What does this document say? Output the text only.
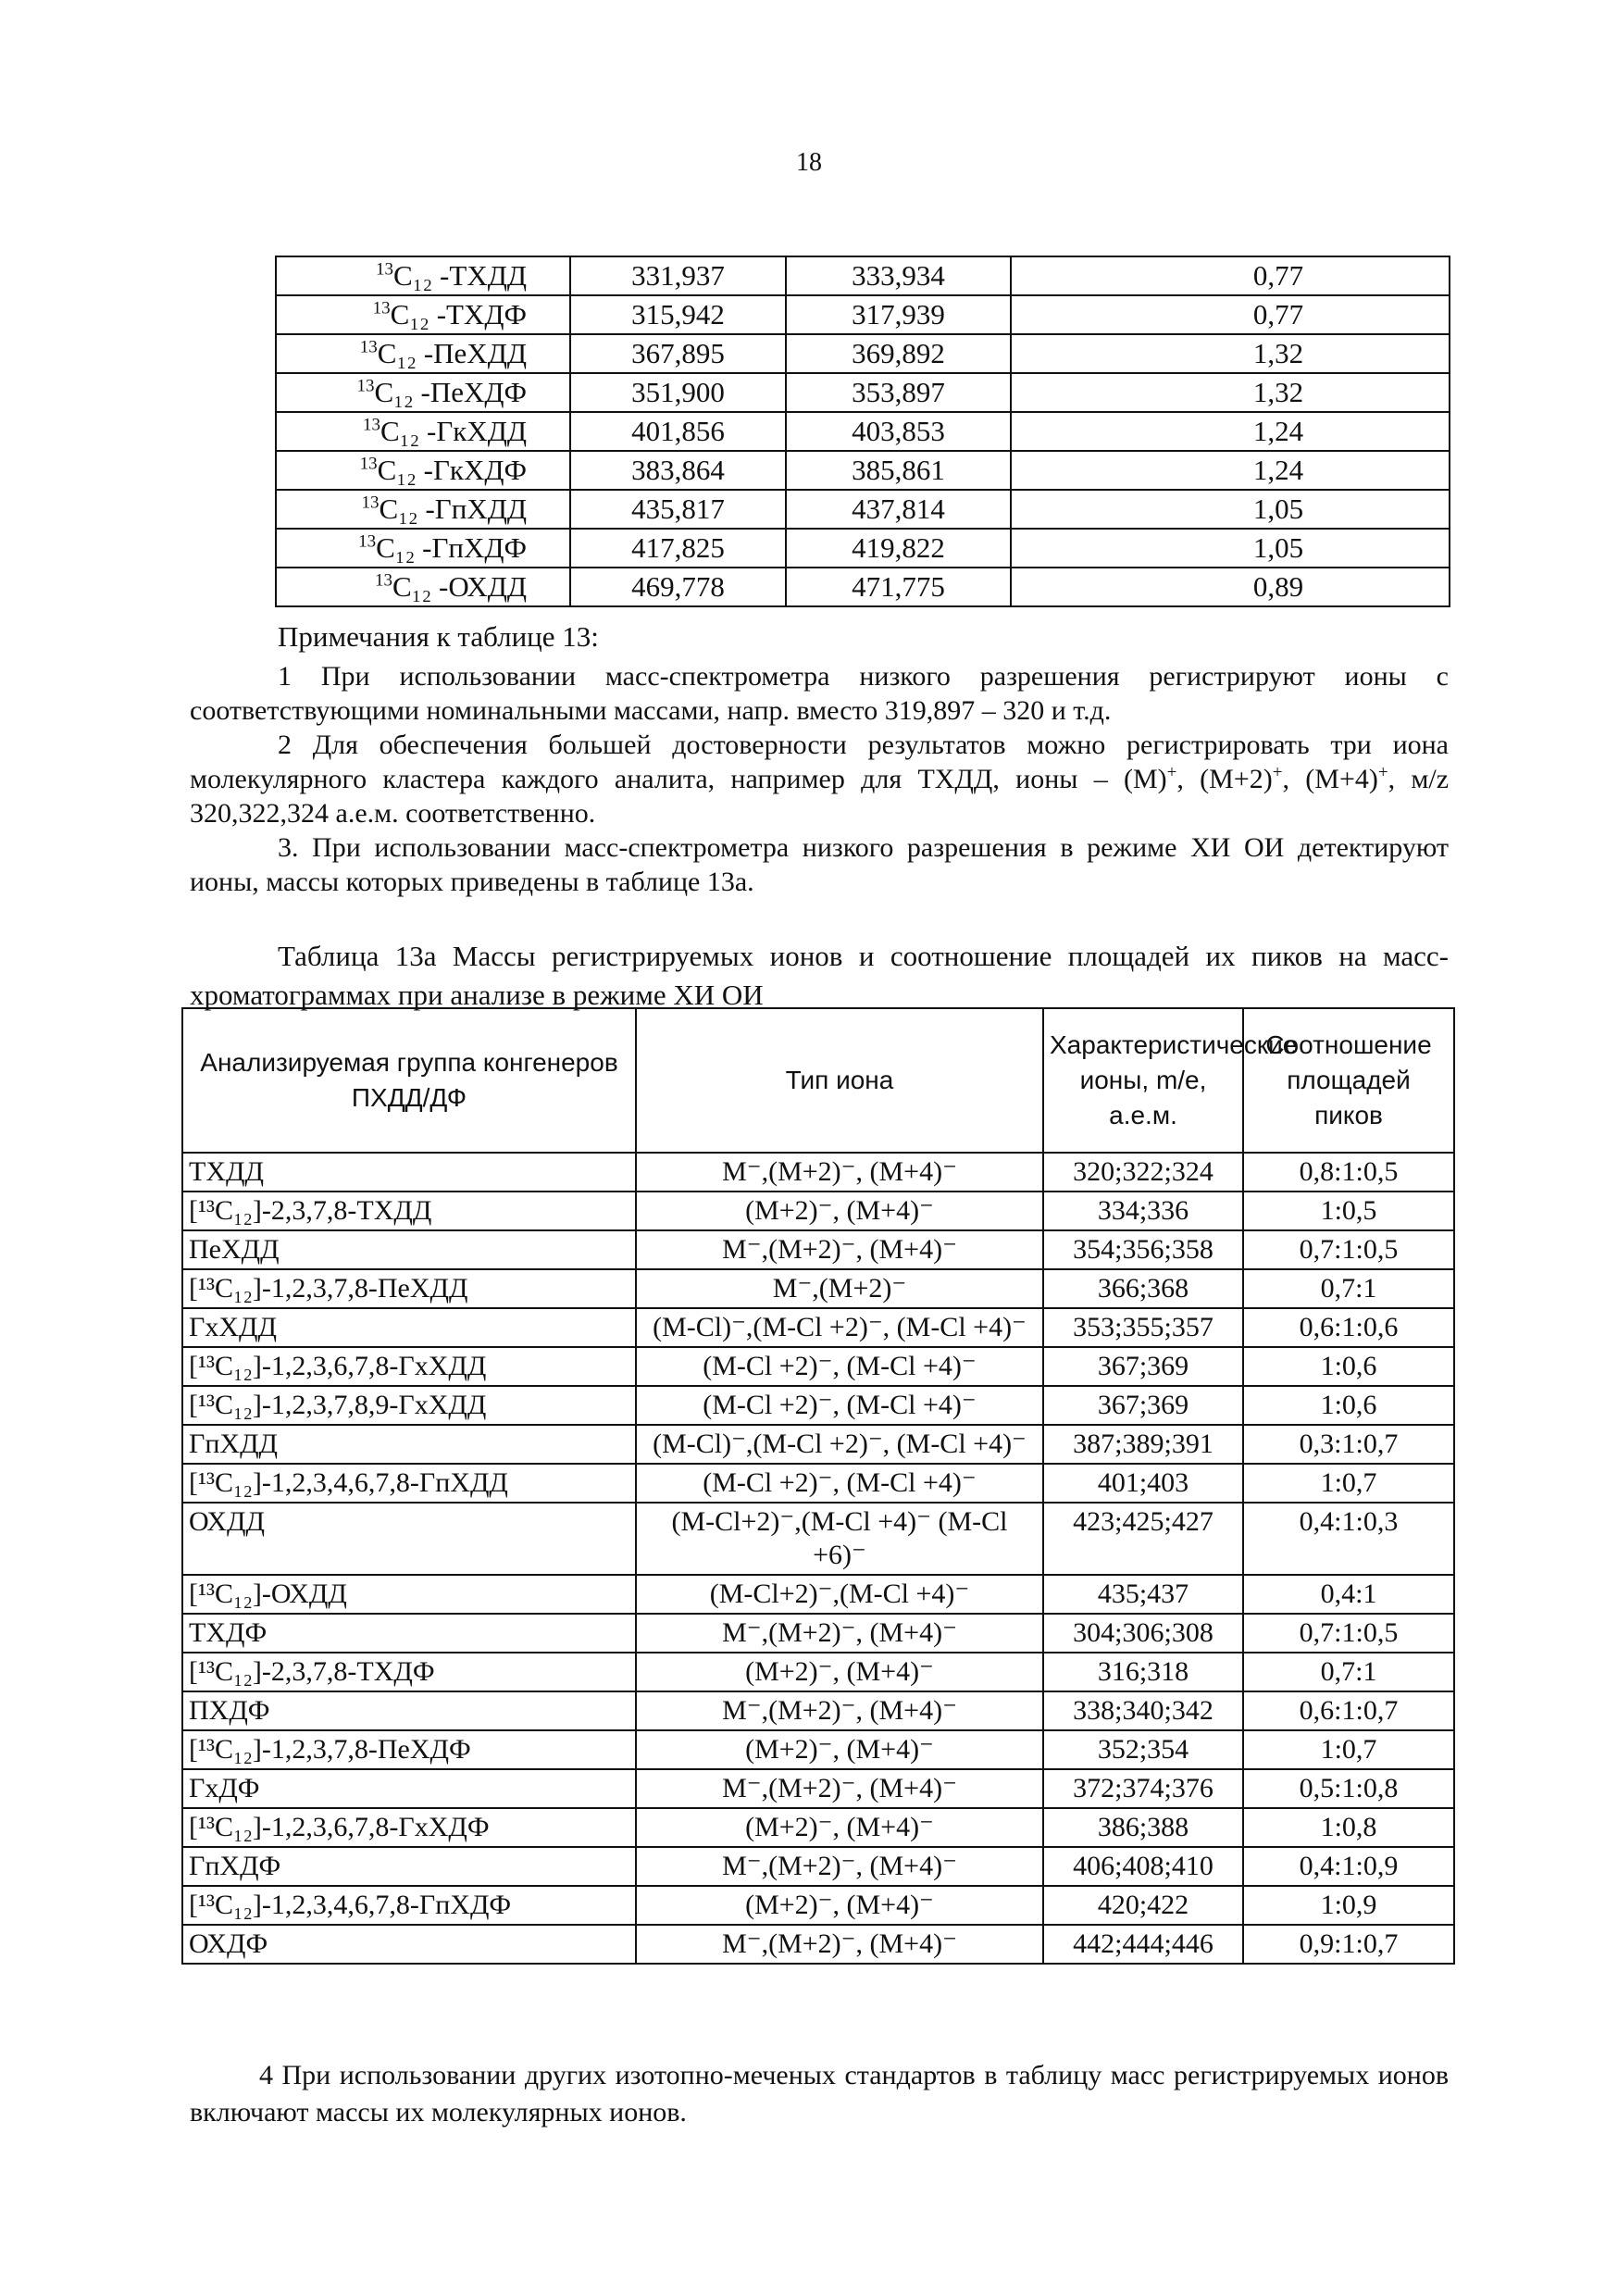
18
$^{13}$C₁₂ -ТХДД	331,937	333,934	0,77
$^{13}$C₁₂ -ТХДФ	315,942	317,939	0,77
$^{13}$C₁₂ -ПеХДД	367,895	369,892	1,32
$^{13}$C₁₂ -ПеХДФ	351,900	353,897	1,32
$^{13}$C₁₂ -ГкХДД	401,856	403,853	1,24
$^{13}$C₁₂ -ГкХДФ	383,864	385,861	1,24
$^{13}$C₁₂ -ГпХДД	435,817	437,814	1,05
$^{13}$C₁₂ -ГпХДФ	417,825	419,822	1,05
$^{13}$C₁₂ -ОХДД	469,778	471,775	0,89
Примечания к таблице 13:

1 При использовании масс-спектрометра низкого разрешения регистрируют ионы с соответствующими номинальными массами, напр. вместо 319,897 – 320 и т.д.

2 Для обеспечения большей достоверности результатов можно регистрировать три иона молекулярного кластера каждого аналита, например для ТХДД, ионы – (М)+, (М+2)+, (М+4)+, м/z 320,322,324 а.е.м. соответственно.

3. При использовании масс-спектрометра низкого разрешения в режиме ХИ ОИ детектируют ионы, массы которых приведены в таблице 13а.

Таблица 13а Массы регистрируемых ионов и соотношение площадей их пиков на масс-хроматограммах при анализе в режиме ХИ ОИ

Анализируемая группа конгенеров ПХДД/ДФ	Тип иона	Характеристические ионы, m/e, а.е.м.	Соотношение площадей пиков
ТХДД	М⁻,(М+2)⁻, (М+4)⁻	320;322;324	0,8:1:0,5
[¹³C₁₂]-2,3,7,8-ТХДД	(М+2)⁻, (М+4)⁻	334;336	1:0,5
ПеХДД	М⁻,(М+2)⁻, (М+4)⁻	354;356;358	0,7:1:0,5
[¹³C₁₂]-1,2,3,7,8-ПеХДД	М⁻,(М+2)⁻	366;368	0,7:1
ГхХДД	(М-Cl)⁻,(М-Cl +2)⁻, (М-Cl +4)⁻	353;355;357	0,6:1:0,6
[¹³C₁₂]-1,2,3,6,7,8-ГхХДД	(М-Cl +2)⁻, (М-Cl +4)⁻	367;369	1:0,6
[¹³C₁₂]-1,2,3,7,8,9-ГхХДД	(М-Cl +2)⁻, (М-Cl +4)⁻	367;369	1:0,6
ГпХДД	(М-Cl)⁻,(М-Cl +2)⁻, (М-Cl +4)⁻	387;389;391	0,3:1:0,7
[¹³C₁₂]-1,2,3,4,6,7,8-ГпХДД	(М-Cl +2)⁻, (М-Cl +4)⁻	401;403	1:0,7
ОХДД	(М-Cl+2)⁻,(М-Cl +4)⁻ (М-Cl +6)⁻	423;425;427	0,4:1:0,3
[¹³C₁₂]-ОХДД	(М-Cl+2)⁻,(М-Cl +4)⁻	435;437	0,4:1
ТХДФ	М⁻,(М+2)⁻, (М+4)⁻	304;306;308	0,7:1:0,5
[¹³C₁₂]-2,3,7,8-ТХДФ	(М+2)⁻, (М+4)⁻	316;318	0,7:1
ПХДФ	М⁻,(М+2)⁻, (М+4)⁻	338;340;342	0,6:1:0,7
[¹³C₁₂]-1,2,3,7,8-ПеХДФ	(М+2)⁻, (М+4)⁻	352;354	1:0,7
ГхДФ	М⁻,(М+2)⁻, (М+4)⁻	372;374;376	0,5:1:0,8
[¹³C₁₂]-1,2,3,6,7,8-ГхХДФ	(М+2)⁻, (М+4)⁻	386;388	1:0,8
ГпХДФ	М⁻,(М+2)⁻, (М+4)⁻	406;408;410	0,4:1:0,9
[¹³C₁₂]-1,2,3,4,6,7,8-ГпХДФ	(М+2)⁻, (М+4)⁻	420;422	1:0,9
ОХДФ	М⁻,(М+2)⁻, (М+4)⁻	442;444;446	0,9:1:0,7

4 При использовании других изотопно-меченых стандартов в таблицу масс регистрируемых ионов включают массы их молекулярных ионов.
